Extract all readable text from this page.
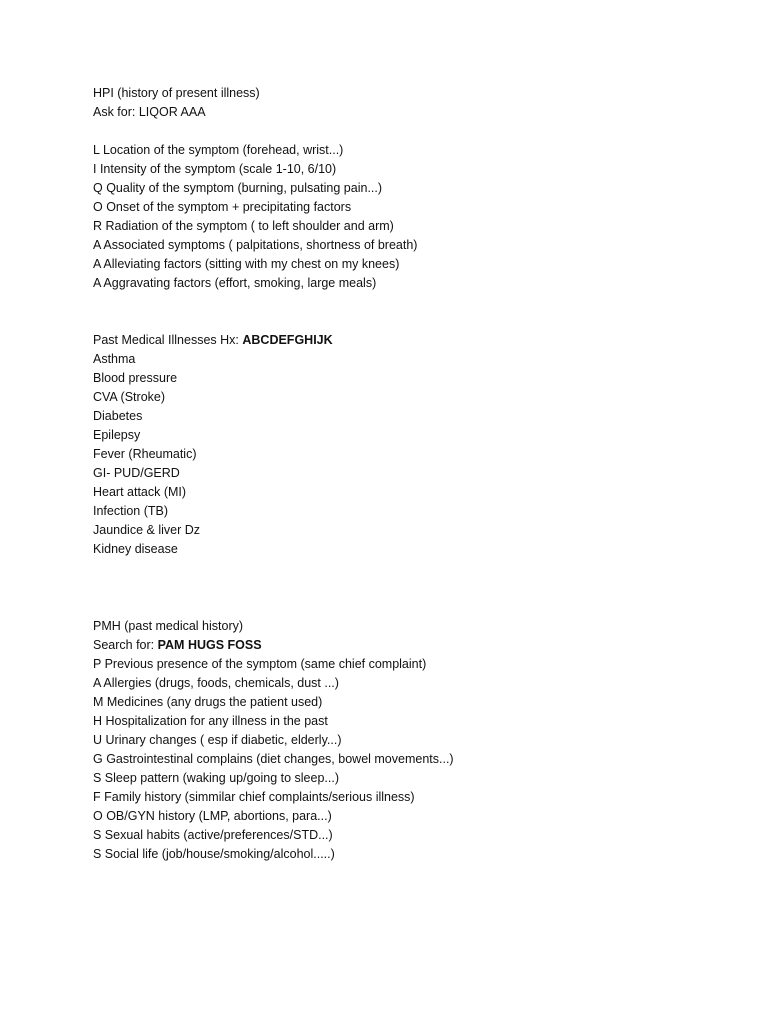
HPI (history of present illness)
Ask for: LIQOR AAA
L Location of the symptom (forehead, wrist...)
I Intensity of the symptom (scale 1-10, 6/10)
Q Quality of the symptom (burning, pulsating pain...)
O Onset of the symptom + precipitating factors
R Radiation of the symptom ( to left shoulder and arm)
A Associated symptoms ( palpitations, shortness of breath)
A Alleviating factors (sitting with my chest on my knees)
A Aggravating factors (effort, smoking, large meals)
Past Medical Illnesses Hx: ABCDEFGHIJK
Asthma
Blood pressure
CVA (Stroke)
Diabetes
Epilepsy
Fever (Rheumatic)
GI- PUD/GERD
Heart attack (MI)
Infection (TB)
Jaundice & liver Dz
Kidney disease
PMH (past medical history)
Search for: PAM HUGS FOSS
P Previous presence of the symptom (same chief complaint)
A Allergies (drugs, foods, chemicals, dust ...)
M Medicines (any drugs the patient used)
H Hospitalization for any illness in the past
U Urinary changes ( esp if diabetic, elderly...)
G Gastrointestinal complains (diet changes, bowel movements...)
S Sleep pattern (waking up/going to sleep...)
F Family history (simmilar chief complaints/serious illness)
O OB/GYN history (LMP, abortions, para...)
S Sexual habits (active/preferences/STD...)
S Social life (job/house/smoking/alcohol.....)
